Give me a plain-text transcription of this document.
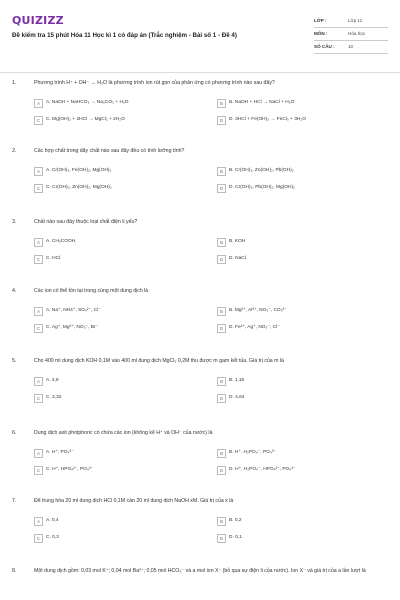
QUIZIZZ
Đề kiểm tra 15 phút Hóa 11 Học kì 1 có đáp án (Trắc nghiệm - Bài số 1 - Đề 4)
LỚP :	Lớp 11
MÔN :	Hóa học
SỐ CÂU :	10
1.	Phương trình H⁺ + OH⁻ → H₂O là phương trình ion rút gọn của phản ứng có phương trình nào sau đây?
A	A. NaOH + NaHCO₃ → Na₂CO₃ + H₂O	B	B. NaOH + HCl → NaCl + H₂O
C	C. Mg(OH)₂ + 2HCl → MgCl₂ + 2H₂O	D	D. 3HCl + Fe(OH)₃ → FeCl₃ + 3H₂O
2.	Các hợp chất trong dãy chất nào sau đây đều có tính lưỡng tính?
A	A. Cr(OH)₃, Fe(OH)₂, Mg(OH)₂	B	B. Cr(OH)₃, Zn(OH)₂, Pb(OH)₂
C	C. Cr(OH)₃, Zn(OH)₂, Mg(OH)₂	D	D. Cr(OH)₃, Pb(OH)₂, Mg(OH)₂
3.	Chất nào sau đây thuộc loại chất điện li yếu?
A	A. CH₃COOH.	B	B. KOH
C	C. HCl.	D	D. NaCl.
4.	Các ion có thể tồn tại trong cùng một dung dịch là
A	A. Na⁺, NH4⁺, SO₄²⁻, Cl⁻	B	B. Mg²⁺, Al³⁺, NO₃⁻, CO₃²⁻
C	C. Ag⁺, Mg²⁺, NO₃⁻, Br⁻	D	D. Fe²⁺, Ag⁺, NO₃⁻, Cl⁻
5.	Cho 400 ml dung dịch KOH 0,1M vào 400 ml dung dịch MgCl₂ 0,2M thu được m gam kết tủa. Giá trị của m là
A	A. 2,9	B	B. 1,16
C	C. 2,32	D	D. 4,64
6.	Dung dịch axit photphoric có chứa các ion (không kể H⁺ và OH⁻ của nước) là
A	A. H⁺, PO₄³⁻	B	B. H⁺, H₂PO₄⁻, PO₄³⁻
C	C. H⁺, HPO₄²⁻, PO₄³⁻	D	D. H⁺, H₂PO₄⁻, HPO₄²⁻, PO₄³⁻
7.	Để trung hòa 20 ml dung dịch HCl 0,1M cần 20 ml dung dịch NaOH xM. Giá trị của x là
A	A. 0,4	B	B. 0,2
C	C. 0,3	D	D. 0,1
8.	Một dung dịch gồm: 0,03 mol K⁺; 0,04 mol Ba²⁺; 0,05 mol HCO₃⁻ và a mol ion X⁻ (bỏ qua sự điện li của nước). Ion X⁻ và giá trị của a lần lượt là
